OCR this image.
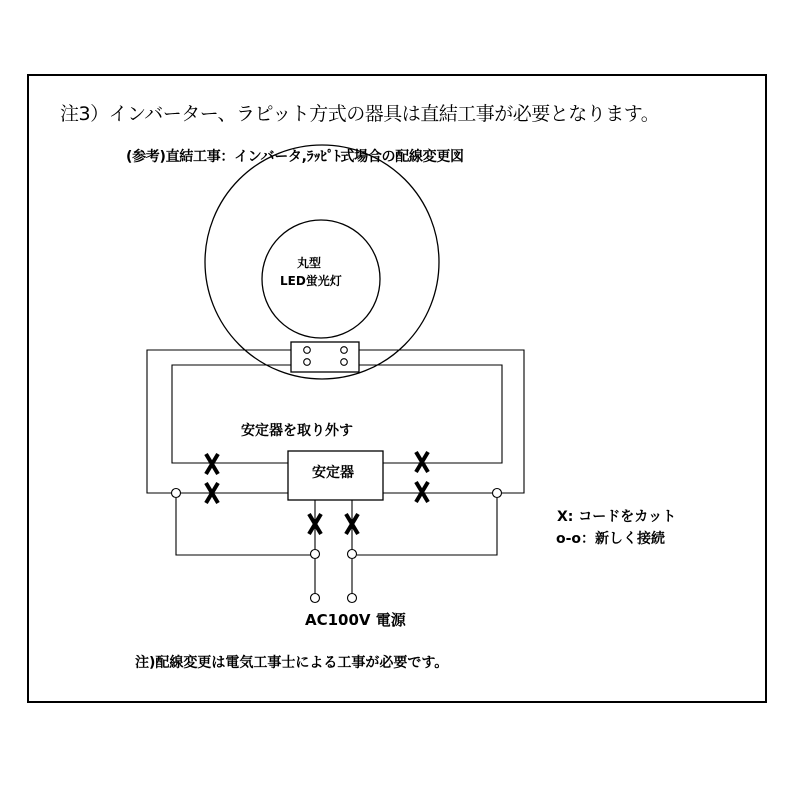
注3）インバーター、ラピット方式の器具は直結工事が必要となります。
(参考)直結工事：インバータ,ﾗｯﾋﾟﾄ式場合の配線変更図
丸型
LED蛍光灯
安定器を取り外す
安定器
X: コードをカット
o-o：新しく接続
AC100V 電源
注)配線変更は電気工事士による工事が必要です。
